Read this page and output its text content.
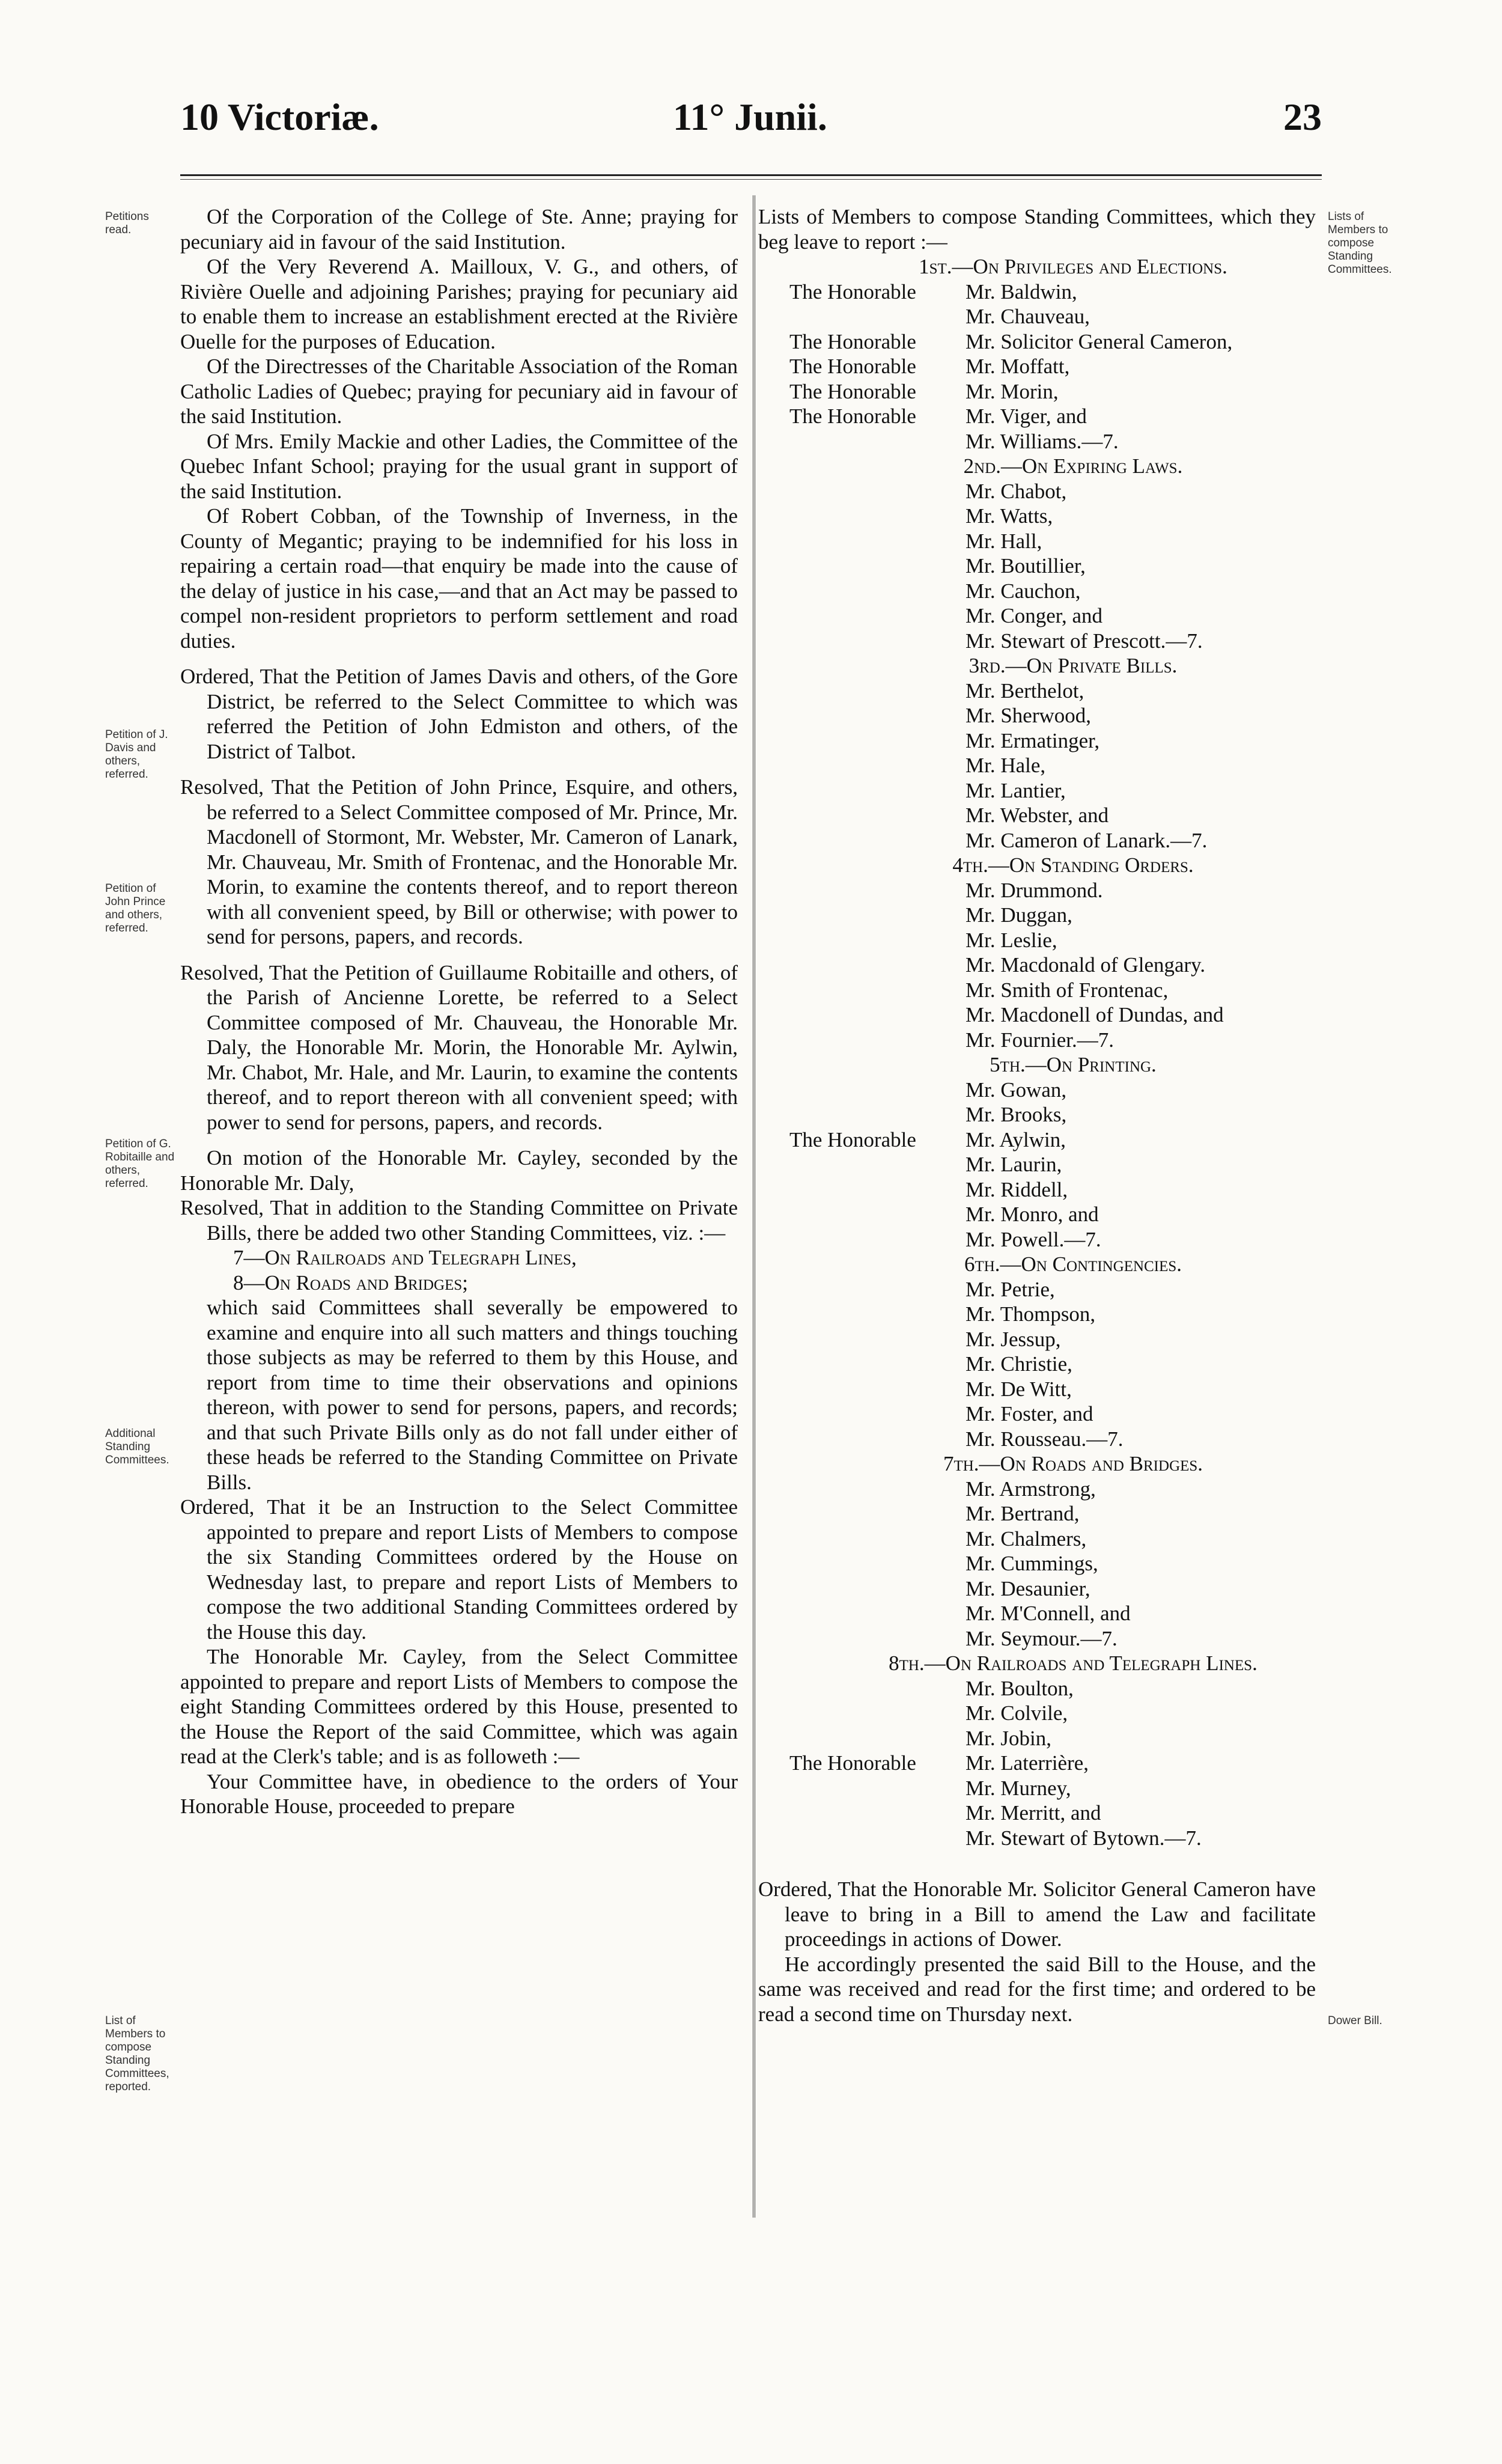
10 Victoriæ.	11° Junii.	23
Petitions read.
Petition of J. Davis and others, referred.
Petition of John Prince and others, referred.
Petition of G. Robitaille and others, referred.
Additional Standing Committees.
List of Members to compose Standing Committees, reported.
Lists of Members to compose Standing Committees.
Dower Bill.

Of the Corporation of the College of Ste. Anne; praying for pecuniary aid in favour of the said Institution.

Of the Very Reverend A. Mailloux, V. G., and others, of Rivière Ouelle and adjoining Parishes; praying for pecuniary aid to enable them to increase an establishment erected at the Rivière Ouelle for the purposes of Education.

Of the Directresses of the Charitable Association of the Roman Catholic Ladies of Quebec; praying for pecuniary aid in favour of the said Institution.

Of Mrs. Emily Mackie and other Ladies, the Committee of the Quebec Infant School; praying for the usual grant in support of the said Institution.

Of Robert Cobban, of the Township of Inverness, in the County of Megantic; praying to be indemnified for his loss in repairing a certain road—that enquiry be made into the cause of the delay of justice in his case,—and that an Act may be passed to compel non-resident proprietors to perform settlement and road duties.

Ordered, That the Petition of James Davis and others, of the Gore District, be referred to the Select Committee to which was referred the Petition of John Edmiston and others, of the District of Talbot.

Resolved, That the Petition of John Prince, Esquire, and others, be referred to a Select Committee composed of Mr. Prince, Mr. Macdonell of Stormont, Mr. Webster, Mr. Cameron of Lanark, Mr. Chauveau, Mr. Smith of Frontenac, and the Honorable Mr. Morin, to examine the contents thereof, and to report thereon with all convenient speed, by Bill or otherwise; with power to send for persons, papers, and records.

Resolved, That the Petition of Guillaume Robitaille and others, of the Parish of Ancienne Lorette, be referred to a Select Committee composed of Mr. Chauveau, the Honorable Mr. Daly, the Honorable Mr. Morin, the Honorable Mr. Aylwin, Mr. Chabot, Mr. Hale, and Mr. Laurin, to examine the contents thereof, and to report thereon with all convenient speed; with power to send for persons, papers, and records.

On motion of the Honorable Mr. Cayley, seconded by the Honorable Mr. Daly,

Resolved, That in addition to the Standing Committee on Private Bills, there be added two other Standing Committees, viz. :—

7—On Railroads and Telegraph Lines,

8—On Roads and Bridges;

which said Committees shall severally be empowered to examine and enquire into all such matters and things touching those subjects as may be referred to them by this House, and report from time to time their observations and opinions thereon, with power to send for persons, papers, and records; and that such Private Bills only as do not fall under either of these heads be referred to the Standing Committee on Private Bills.

Ordered, That it be an Instruction to the Select Committee appointed to prepare and report Lists of Members to compose the six Standing Committees ordered by the House on Wednesday last, to prepare and report Lists of Members to compose the two additional Standing Committees ordered by the House this day.

The Honorable Mr. Cayley, from the Select Committee appointed to prepare and report Lists of Members to compose the eight Standing Committees ordered by this House, presented to the House the Report of the said Committee, which was again read at the Clerk's table; and is as followeth :—

Your Committee have, in obedience to the orders of Your Honorable House, proceeded to prepare

Lists of Members to compose Standing Committees, which they beg leave to report :—

1st.—On Privileges and Elections.
The Honorable Mr. Baldwin,
Mr. Chauveau,
The Honorable Mr. Solicitor General Cameron,
The Honorable Mr. Moffatt,
The Honorable Mr. Morin,
The Honorable Mr. Viger, and
Mr. Williams.—7.
2nd.—On Expiring Laws.
Mr. Chabot,
Mr. Watts,
Mr. Hall,
Mr. Boutillier,
Mr. Cauchon,
Mr. Conger, and
Mr. Stewart of Prescott.—7.
3rd.—On Private Bills.
Mr. Berthelot,
Mr. Sherwood,
Mr. Ermatinger,
Mr. Hale,
Mr. Lantier,
Mr. Webster, and
Mr. Cameron of Lanark.—7.
4th.—On Standing Orders.
Mr. Drummond.
Mr. Duggan,
Mr. Leslie,
Mr. Macdonald of Glengary.
Mr. Smith of Frontenac,
Mr. Macdonell of Dundas, and
Mr. Fournier.—7.
5th.—On Printing.
Mr. Gowan,
Mr. Brooks,
The Honorable Mr. Aylwin,
Mr. Laurin,
Mr. Riddell,
Mr. Monro, and
Mr. Powell.—7.
6th.—On Contingencies.
Mr. Petrie,
Mr. Thompson,
Mr. Jessup,
Mr. Christie,
Mr. De Witt,
Mr. Foster, and
Mr. Rousseau.—7.
7th.—On Roads and Bridges.
Mr. Armstrong,
Mr. Bertrand,
Mr. Chalmers,
Mr. Cummings,
Mr. Desaunier,
Mr. M'Connell, and
Mr. Seymour.—7.
8th.—On Railroads and Telegraph Lines.
Mr. Boulton,
Mr. Colvile,
Mr. Jobin,
The Honorable Mr. Laterrière,
Mr. Murney,
Mr. Merritt, and
Mr. Stewart of Bytown.—7.

Ordered, That the Honorable Mr. Solicitor General Cameron have leave to bring in a Bill to amend the Law and facilitate proceedings in actions of Dower.

He accordingly presented the said Bill to the House, and the same was received and read for the first time; and ordered to be read a second time on Thursday next.
